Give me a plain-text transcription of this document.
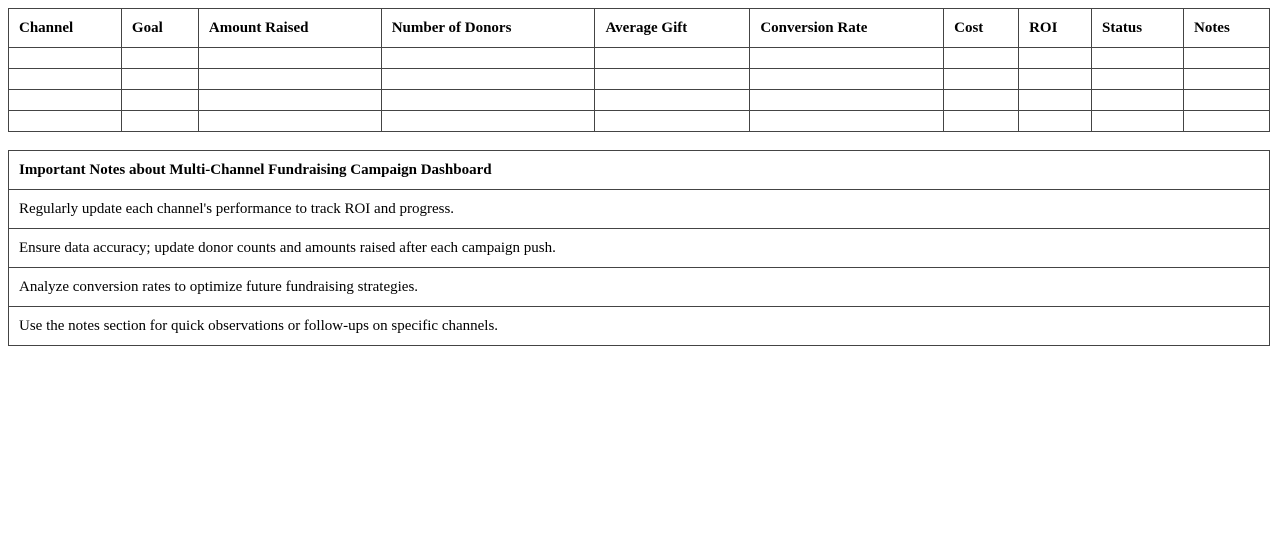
Channel	Goal	Amount Raised	Number of Donors	Average Gift	Conversion Rate	Cost	ROI	Status	Notes

Important Notes about Multi-Channel Fundraising Campaign Dashboard
Regularly update each channel's performance to track ROI and progress.
Ensure data accuracy; update donor counts and amounts raised after each campaign push.
Analyze conversion rates to optimize future fundraising strategies.
Use the notes section for quick observations or follow-ups on specific channels.
